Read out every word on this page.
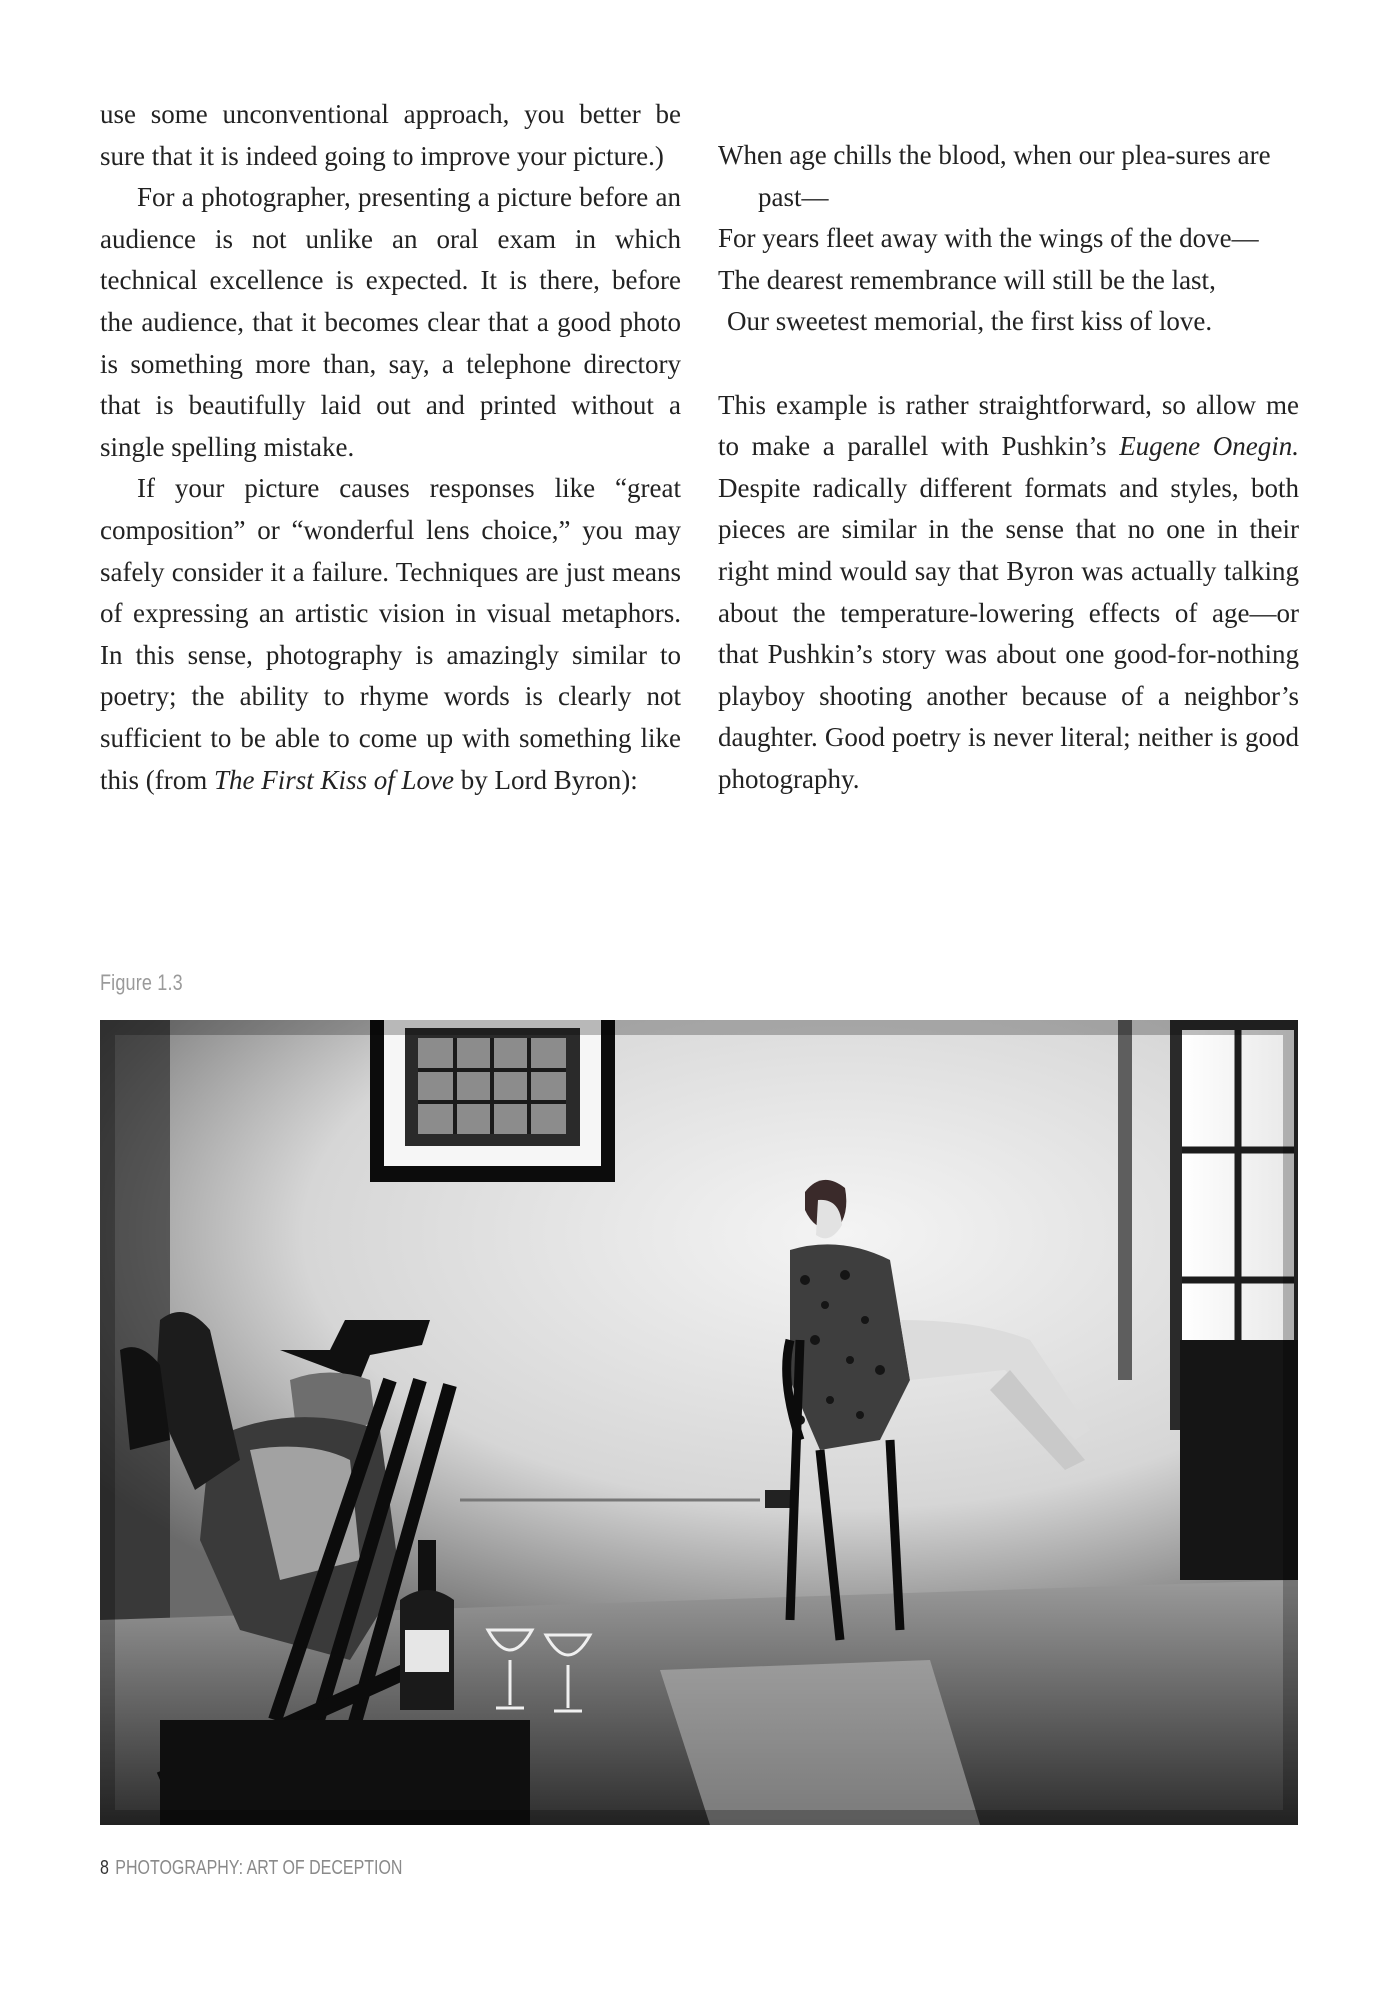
use some unconventional approach, you better be sure that it is indeed going to improve your picture.)

For a photographer, presenting a picture before an audience is not unlike an oral exam in which technical excellence is expected. It is there, before the audience, that it becomes clear that a good photo is something more than, say, a telephone directory that is beautifully laid out and printed without a single spelling mistake.

If your picture causes responses like “great composition” or “wonderful lens choice,” you may safely consider it a failure. Techniques are just means of expressing an artistic vision in visual metaphors. In this sense, photography is amazingly similar to poetry; the ability to rhyme words is clearly not sufficient to be able to come up with something like this (from The First Kiss of Love by Lord Byron):

When age chills the blood, when our plea-sures are past—
For years fleet away with the wings of the dove—
The dearest remembrance will still be the last,
Our sweetest memorial, the first kiss of love.

This example is rather straightforward, so allow me to make a parallel with Pushkin’s Eugene Onegin. Despite radically different formats and styles, both pieces are similar in the sense that no one in their right mind would say that Byron was actually talking about the temperature-lowering effects of age—or that Pushkin’s story was about one good-for-nothing playboy shooting another because of a neighbor’s daughter. Good poetry is never literal; neither is good photography.

Figure 1.3
8 PHOTOGRAPHY: ART OF DECEPTION
